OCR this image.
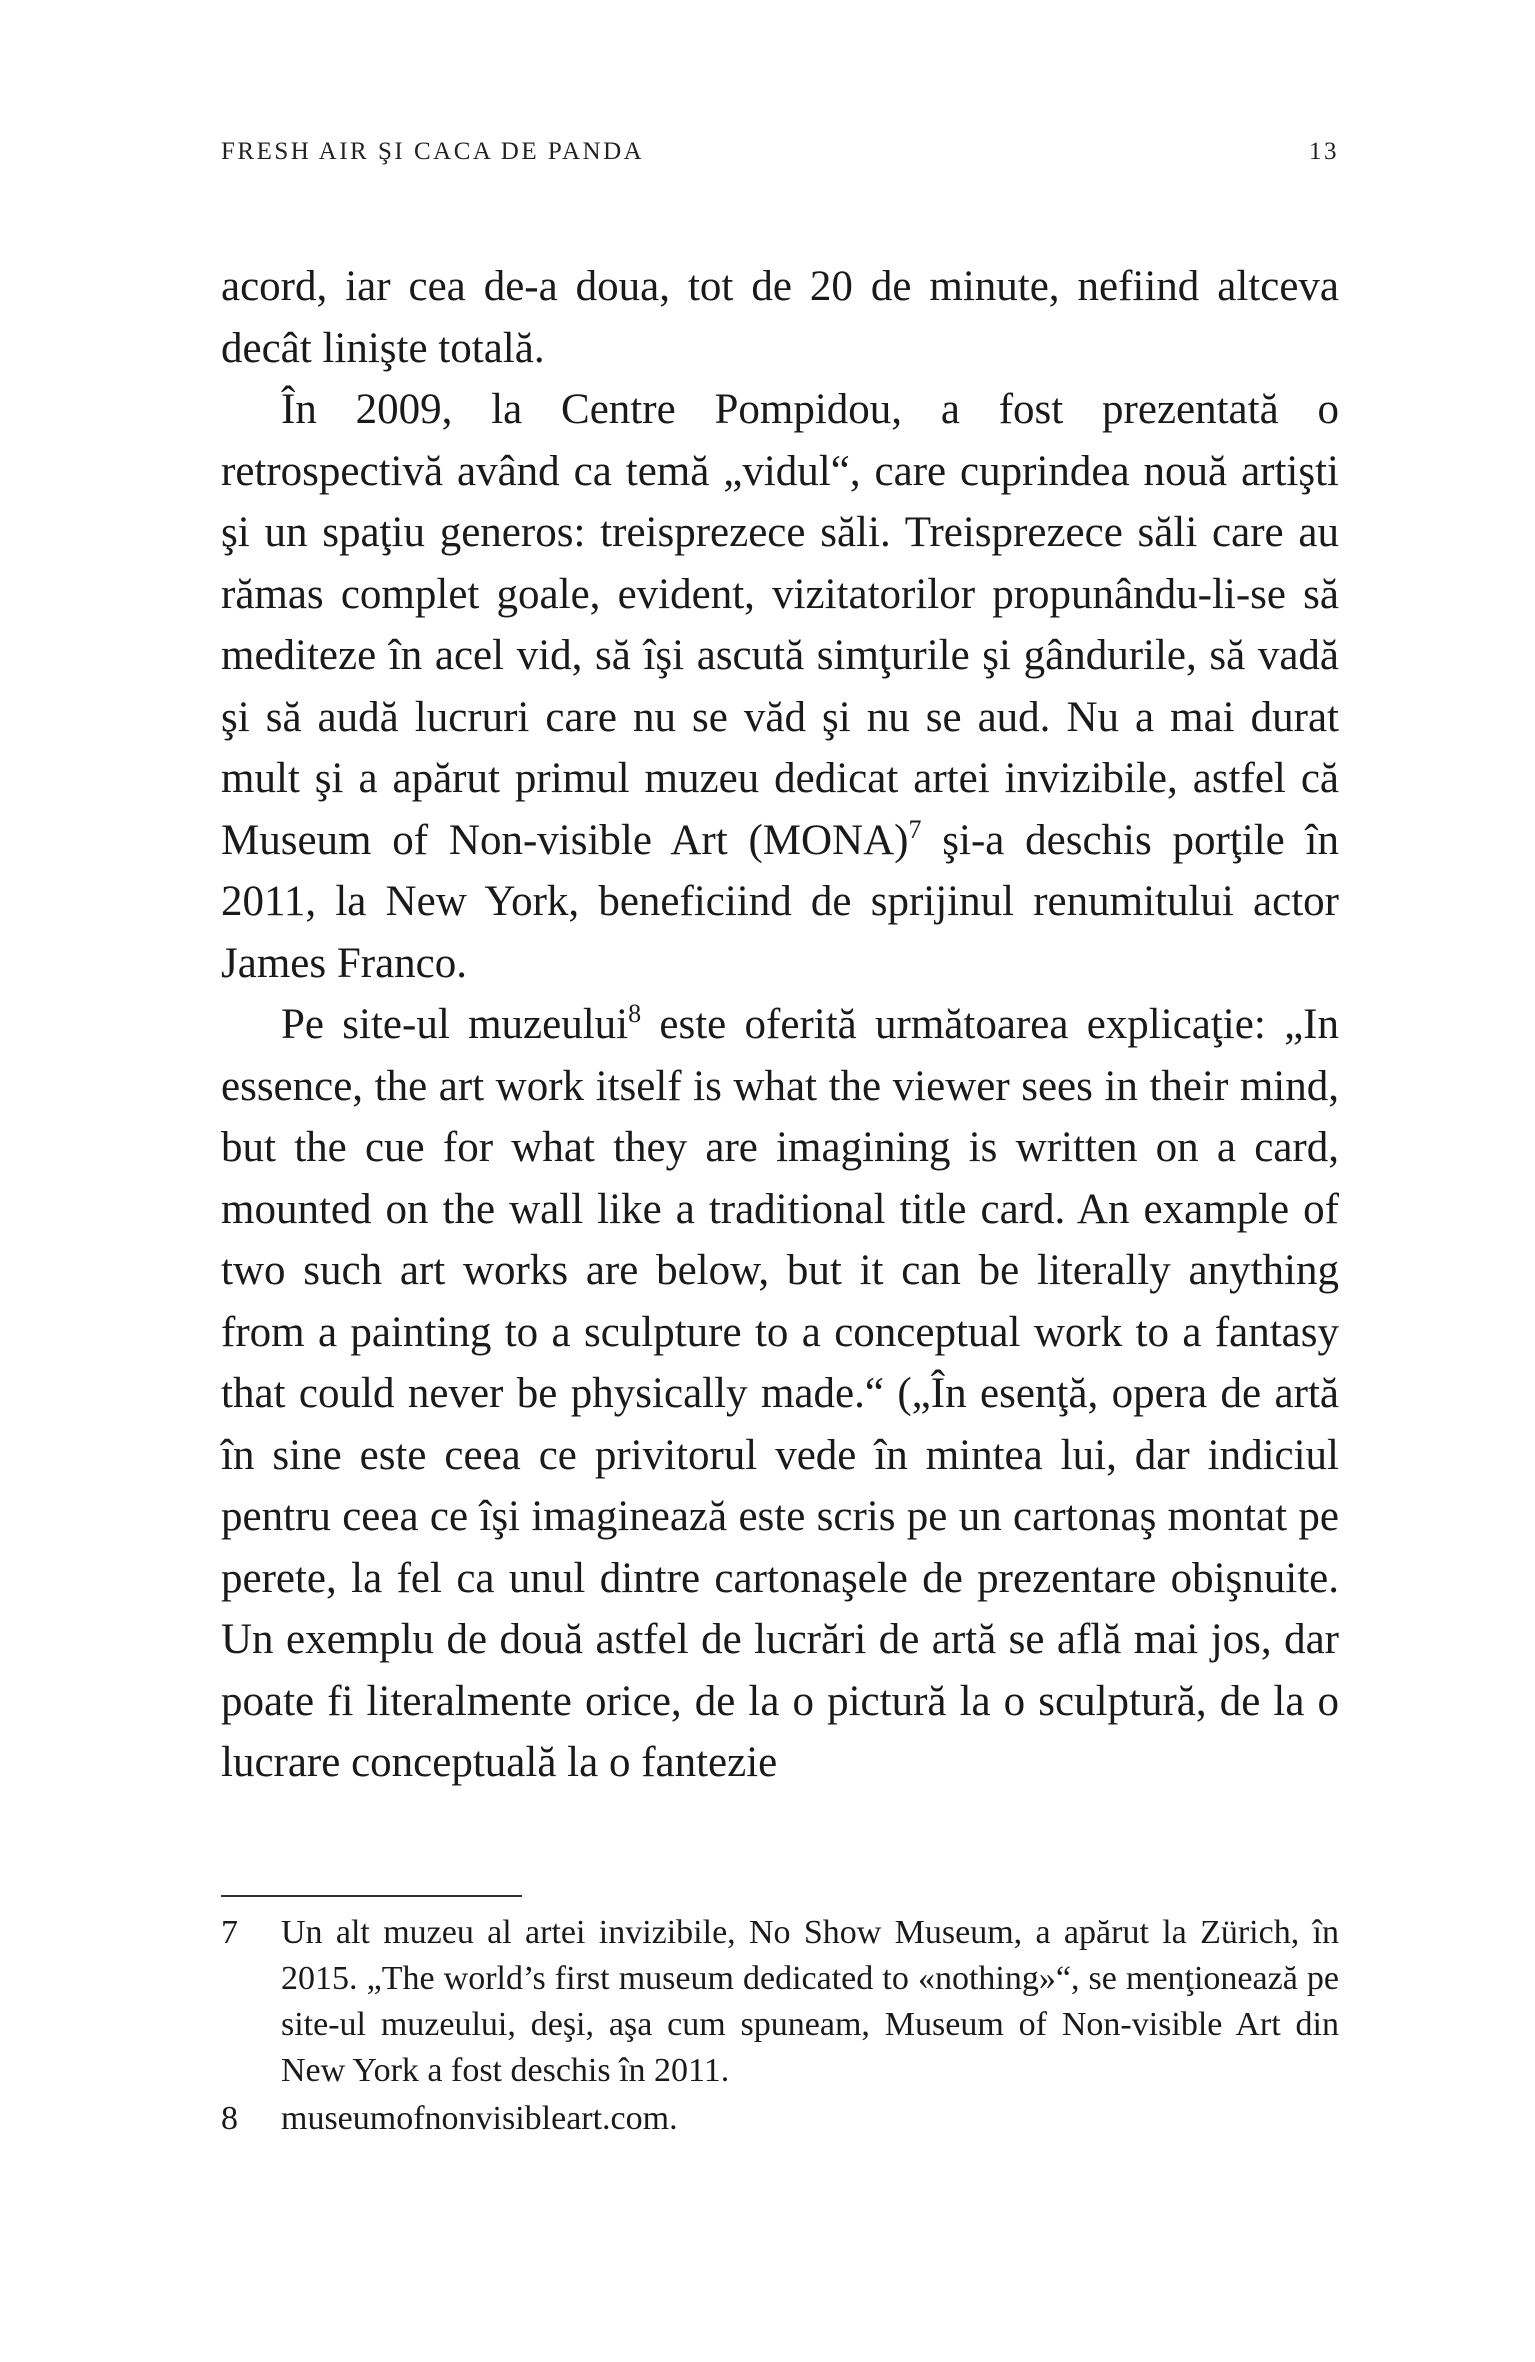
FRESH AIR ŞI CACA DE PANDA	13

acord, iar cea de-a doua, tot de 20 de minute, nefiind altceva decât linişte totală.

În 2009, la Centre Pompidou, a fost prezentată o retrospectivă având ca temă „vidul“, care cuprindea nouă artişti şi un spaţiu generos: treisprezece săli. Treisprezece săli care au rămas complet goale, evident, vizitatorilor propunându-li-se să mediteze în acel vid, să îşi ascută simţurile şi gândurile, să vadă şi să audă lucruri care nu se văd şi nu se aud. Nu a mai durat mult şi a apărut primul muzeu dedicat artei invizibile, astfel că Museum of Non-visible Art (MONA)$^7$ şi-a deschis porţile în 2011, la New York, beneficiind de sprijinul renumitului actor James Franco.

Pe site-ul muzeului$^8$ este oferită următoarea explicaţie: „In essence, the art work itself is what the viewer sees in their mind, but the cue for what they are imagining is written on a card, mounted on the wall like a traditional title card. An example of two such art works are below, but it can be literally anything from a painting to a sculpture to a conceptual work to a fantasy that could never be physically made.“ („În esenţă, opera de artă în sine este ceea ce privitorul vede în mintea lui, dar indiciul pentru ceea ce îşi imaginează este scris pe un cartonaş montat pe perete, la fel ca unul dintre cartonaşele de prezentare obişnuite. Un exemplu de două astfel de lucrări de artă se află mai jos, dar poate fi literalmente orice, de la o pictură la o sculptură, de la o lucrare conceptuală la o fantezie

7	Un alt muzeu al artei invizibile, No Show Museum, a apărut la Zürich, în 2015. „The world’s first museum dedicated to «nothing»“, se menţionează pe site-ul muzeului, deşi, aşa cum spuneam, Museum of Non-visible Art din New York a fost deschis în 2011.
8	museumofnonvisibleart.com.
